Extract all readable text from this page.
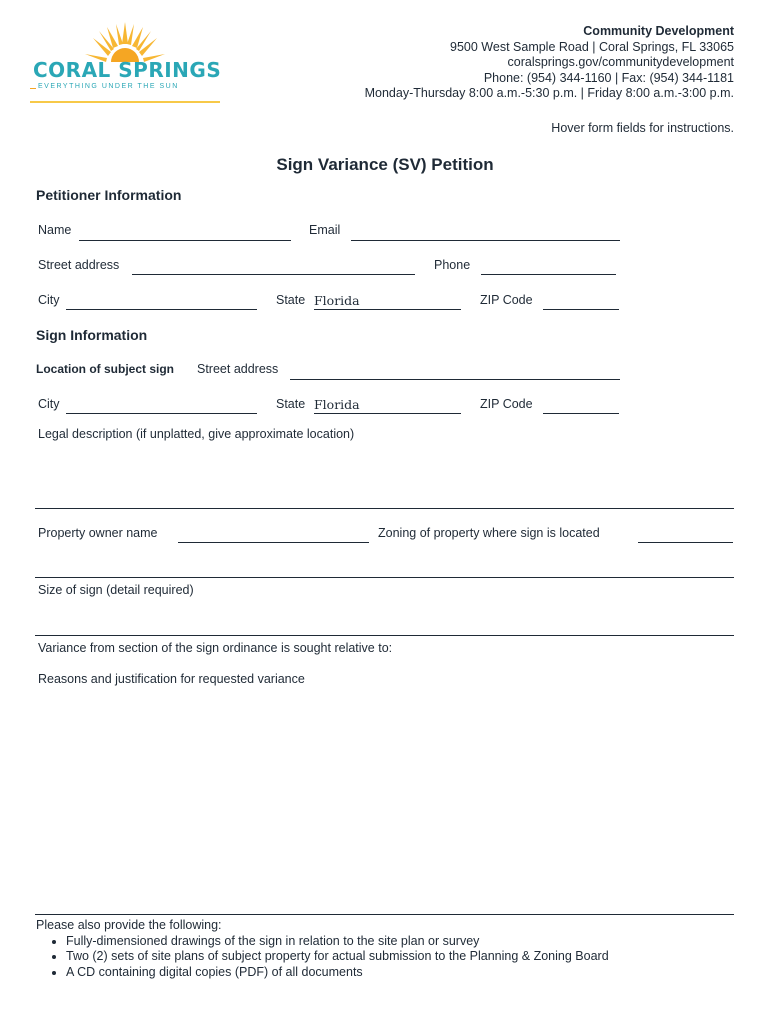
CORAL SPRINGS
EVERYTHING UNDER THE SUN
Community Development
9500 West Sample Road | Coral Springs, FL 33065
coralsprings.gov/communitydevelopment
Phone: (954) 344-1160 | Fax: (954) 344-1181
Monday-Thursday 8:00 a.m.-5:30 p.m. | Friday 8:00 a.m.-3:00 p.m.
Hover form fields for instructions.
Sign Variance (SV) Petition
Petitioner Information
Name	Email
Street address	Phone
City	State Florida	ZIP Code
Sign Information
Location of subject sign Street address
City	State Florida	ZIP Code
Legal description (if unplatted, give approximate location)
Property owner name	Zoning of property where sign is located
Size of sign (detail required)
Variance from section of the sign ordinance is sought relative to:
Reasons and justification for requested variance
Please also provide the following:
• Fully-dimensioned drawings of the sign in relation to the site plan or survey
• Two (2) sets of site plans of subject property for actual submission to the Planning & Zoning Board
• A CD containing digital copies (PDF) of all documents
